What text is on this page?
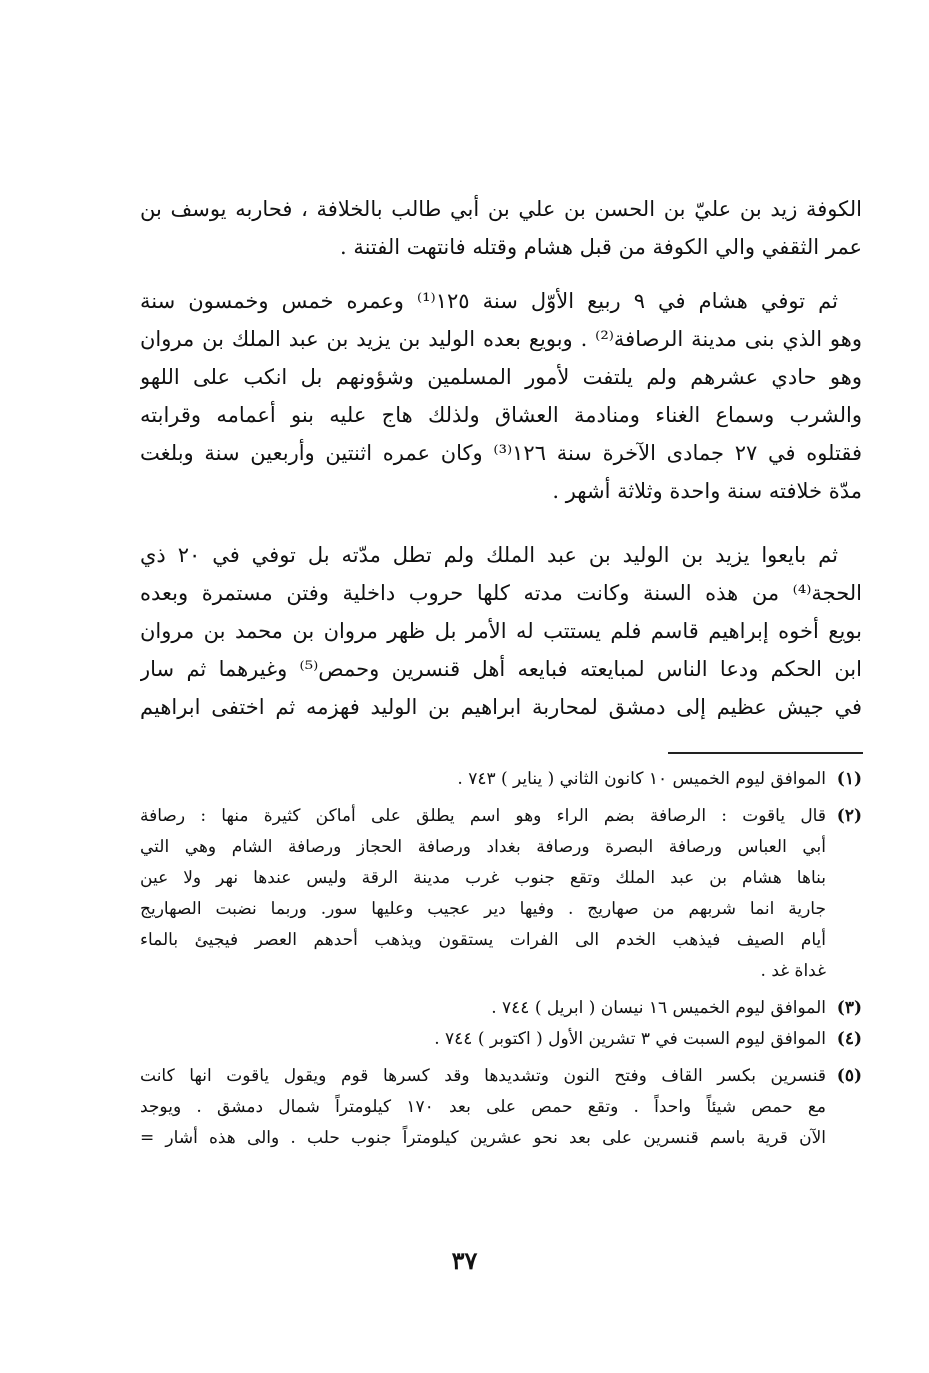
الكوفة زيد بن عليّ بن الحسن بن علي بن أبي طالب بالخلافة ، فحاربه يوسف بن
عمر الثقفي والي الكوفة من قبل هشام وقتله فانتهت الفتنة .
ثم توفي هشام في ٩ ربيع الأوّل سنة ١٢٥⁽¹⁾ وعمره خمس وخمسون سنة
وهو الذي بنى مدينة الرصافة⁽²⁾ . وبويع بعده الوليد بن يزيد بن عبد الملك بن مروان
وهو حادي عشرهم ولم يلتفت لأمور المسلمين وشؤونهم بل انكب على اللهو
والشرب وسماع الغناء ومنادمة العشاق ولذلك هاج عليه بنو أعمامه وقرابته
فقتلوه في ٢٧ جمادى الآخرة سنة ١٢٦⁽³⁾ وكان عمره اثنتين وأربعين سنة وبلغت
مدّة خلافته سنة واحدة وثلاثة أشهر .
ثم بايعوا يزيد بن الوليد بن عبد الملك ولم تطل مدّته بل توفي في ٢٠ ذي
الحجة⁽⁴⁾ من هذه السنة وكانت مدته كلها حروب داخلية وفتن مستمرة وبعده
بويع أخوه إبراهيم قاسم فلم يستتب له الأمر بل ظهر مروان بن محمد بن مروان
ابن الحكم ودعا الناس لمبايعته فبايعه أهل قنسرين وحمص⁽⁵⁾ وغيرهما ثم سار
في جيش عظيم إلى دمشق لمحاربة ابراهيم بن الوليد فهزمه ثم اختفى ابراهيم
(١)
الموافق ليوم الخميس ١٠ كانون الثاني ( يناير ) ٧٤٣ .
(٢)
قال ياقوت : الرصافة بضم الراء وهو اسم يطلق على أماكن كثيرة منها : رصافة
أبي العباس ورصافة البصرة ورصافة بغداد ورصافة الحجاز ورصافة الشام وهي التي
بناها هشام بن عبد الملك وتقع جنوب غرب مدينة الرقة وليس عندها نهر ولا عين
جارية انما شربهم من صهاريج . وفيها دير عجيب وعليها سور. وربما نضبت الصهاريج
أيام الصيف فيذهب الخدم الى الفرات يستقون ويذهب أحدهم العصر فيجيئ بالماء
غداة غد .
(٣)
الموافق ليوم الخميس ١٦ نيسان ( ابريل ) ٧٤٤ .
(٤)
الموافق ليوم السبت في ٣ تشرين الأول ( اكتوبر ) ٧٤٤ .
(٥)
قنسرين بكسر القاف وفتح النون وتشديدها وقد كسرها قوم ويقول ياقوت انها كانت
مع حمص شيئاً واحداً . وتقع حمص على بعد ١٧٠ كيلومتراً شمال دمشق . ويوجد
الآن قرية باسم قنسرين على بعد نحو عشرين كيلومتراً جنوب حلب . والى هذه أشار =
٣٧
